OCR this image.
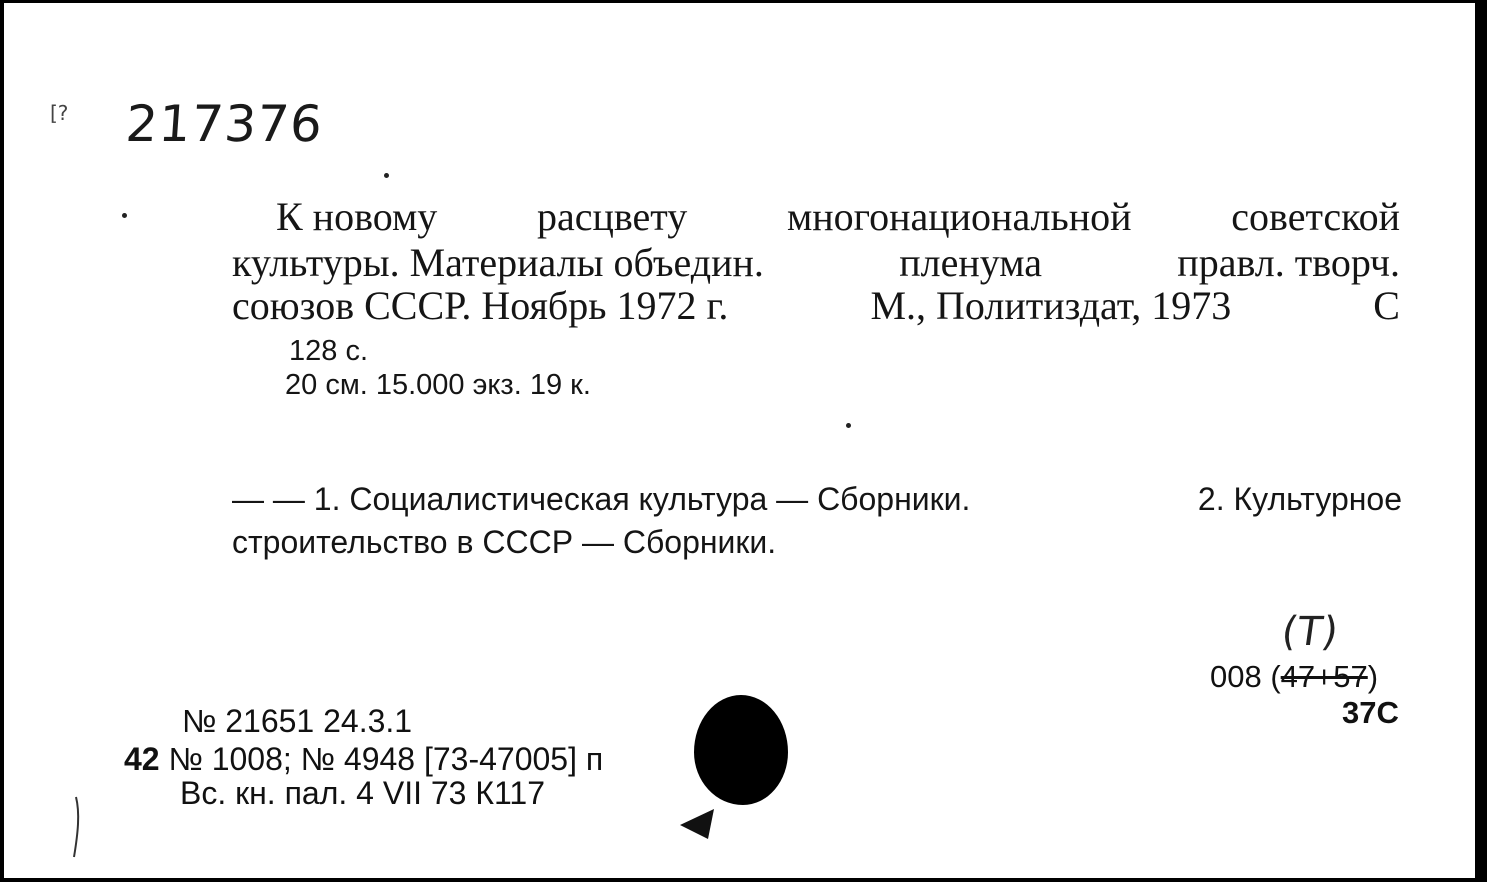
[? 217376
К новому расцвету многонациональной советской
культуры. Материалы объедин.	пленума	правл. творч.
союзов СССР. Ноябрь 1972 г.	М., Политиздат, 1973	С
128 с.
20 см. 15.000 экз. 19 к.
— — 1. Социалистическая культура — Сборники.	2. Культурное
строительство в СССР — Сборники.
(Т)
008 (47+57)
37С
№ 21651 24.3.1
42 № 1008; № 4948 [73-47005] п
Вс. кн. пал. 4 VII 73 К117
